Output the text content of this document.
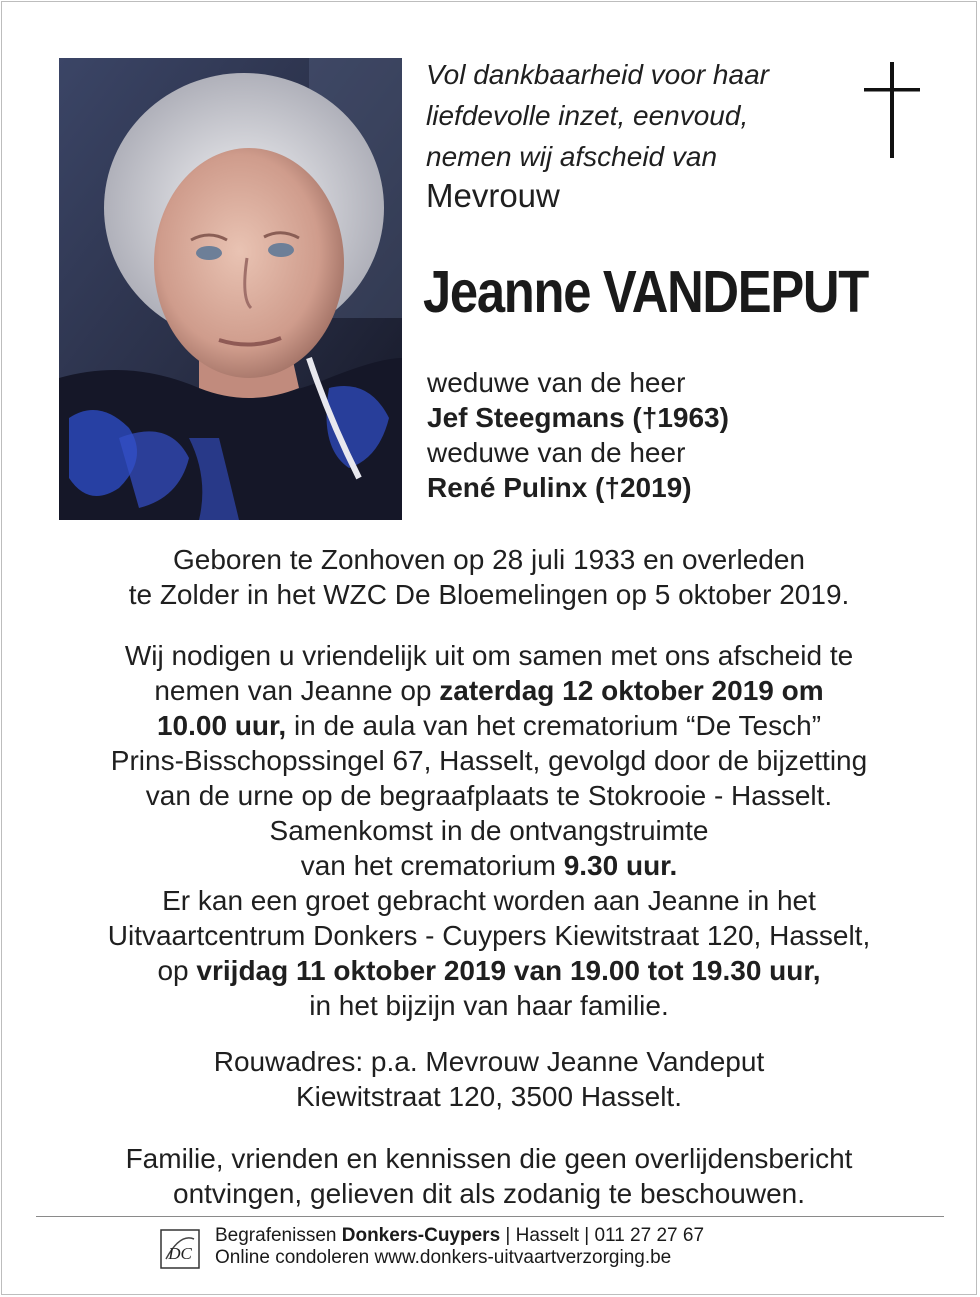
Vol dankbaarheid voor haar
liefdevolle inzet, eenvoud,
nemen wij afscheid van
Mevrouw
Jeanne VANDEPUT
weduwe van de heer
Jef Steegmans (†1963)
weduwe van de heer
René Pulinx (†2019)
Geboren te Zonhoven op 28 juli 1933 en overleden
te Zolder in het WZC De Bloemelingen op 5 oktober 2019.
Wij nodigen u vriendelijk uit om samen met ons afscheid te
nemen van Jeanne op zaterdag 12 oktober 2019 om
10.00 uur, in de aula van het crematorium “De Tesch”
Prins-Bisschopssingel 67, Hasselt, gevolgd door de bijzetting
van de urne op de begraafplaats te Stokrooie - Hasselt.
Samenkomst in de ontvangstruimte
van het crematorium 9.30 uur.
Er kan een groet gebracht worden aan Jeanne in het
Uitvaartcentrum Donkers - Cuypers Kiewitstraat 120, Hasselt,
op vrijdag 11 oktober 2019 van 19.00 tot 19.30 uur,
in het bijzijn van haar familie.
Rouwadres: p.a. Mevrouw Jeanne Vandeput
Kiewitstraat 120, 3500 Hasselt.
Familie, vrienden en kennissen die geen overlijdensbericht
ontvingen, gelieven dit als zodanig te beschouwen.
DC
Begrafenissen Donkers-Cuypers | Hasselt | 011 27 27 67
Online condoleren www.donkers-uitvaartverzorging.be
